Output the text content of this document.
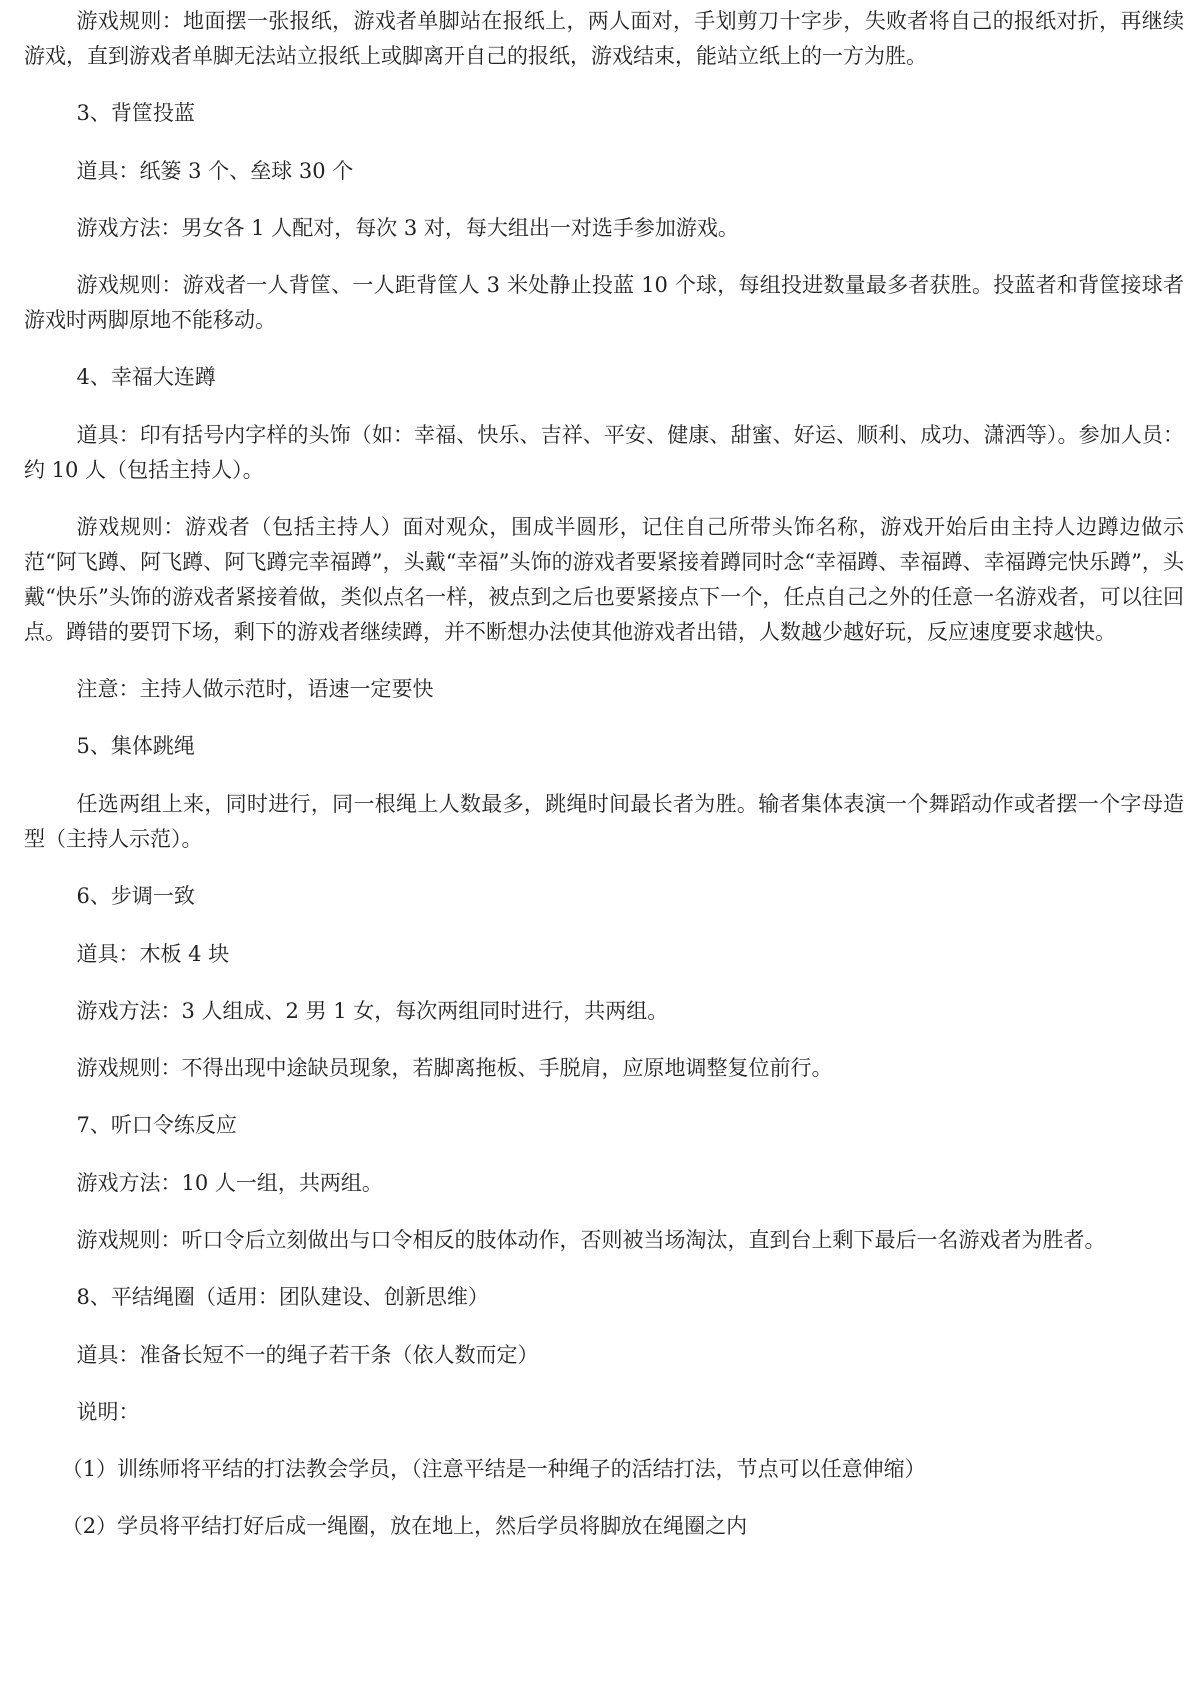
游戏规则：地面摆一张报纸，游戏者单脚站在报纸上，两人面对，手划剪刀十字步，失败者将自己的报纸对折，再继续游戏，直到游戏者单脚无法站立报纸上或脚离开自己的报纸，游戏结束，能站立纸上的一方为胜。

3、背筐投蓝

道具：纸篓 3 个、垒球 30 个

游戏方法：男女各 1 人配对，每次 3 对，每大组出一对选手参加游戏。

游戏规则：游戏者一人背筐、一人距背筐人 3 米处静止投蓝 10 个球，每组投进数量最多者获胜。投蓝者和背筐接球者游戏时两脚原地不能移动。

4、幸福大连蹲

道具：印有括号内字样的头饰（如：幸福、快乐、吉祥、平安、健康、甜蜜、好运、顺利、成功、潇洒等）。参加人员：约 10 人（包括主持人）。

游戏规则：游戏者（包括主持人）面对观众，围成半圆形，记住自己所带头饰名称，游戏开始后由主持人边蹲边做示范“阿飞蹲、阿飞蹲、阿飞蹲完幸福蹲”，头戴“幸福”头饰的游戏者要紧接着蹲同时念“幸福蹲、幸福蹲、幸福蹲完快乐蹲”，头戴“快乐”头饰的游戏者紧接着做，类似点名一样，被点到之后也要紧接点下一个，任点自己之外的任意一名游戏者，可以往回点。蹲错的要罚下场，剩下的游戏者继续蹲，并不断想办法使其他游戏者出错，人数越少越好玩，反应速度要求越快。

注意：主持人做示范时，语速一定要快

5、集体跳绳

任选两组上来，同时进行，同一根绳上人数最多，跳绳时间最长者为胜。输者集体表演一个舞蹈动作或者摆一个字母造型（主持人示范）。

6、步调一致

道具：木板 4 块

游戏方法：3 人组成、2 男 1 女，每次两组同时进行，共两组。

游戏规则：不得出现中途缺员现象，若脚离拖板、手脱肩，应原地调整复位前行。

7、听口令练反应

游戏方法：10 人一组，共两组。

游戏规则：听口令后立刻做出与口令相反的肢体动作，否则被当场淘汰，直到台上剩下最后一名游戏者为胜者。

8、平结绳圈（适用：团队建设、创新思维）

道具：准备长短不一的绳子若干条（依人数而定）

说明：

（1）训练师将平结的打法教会学员，（注意平结是一种绳子的活结打法，节点可以任意伸缩）

（2）学员将平结打好后成一绳圈，放在地上，然后学员将脚放在绳圈之内
